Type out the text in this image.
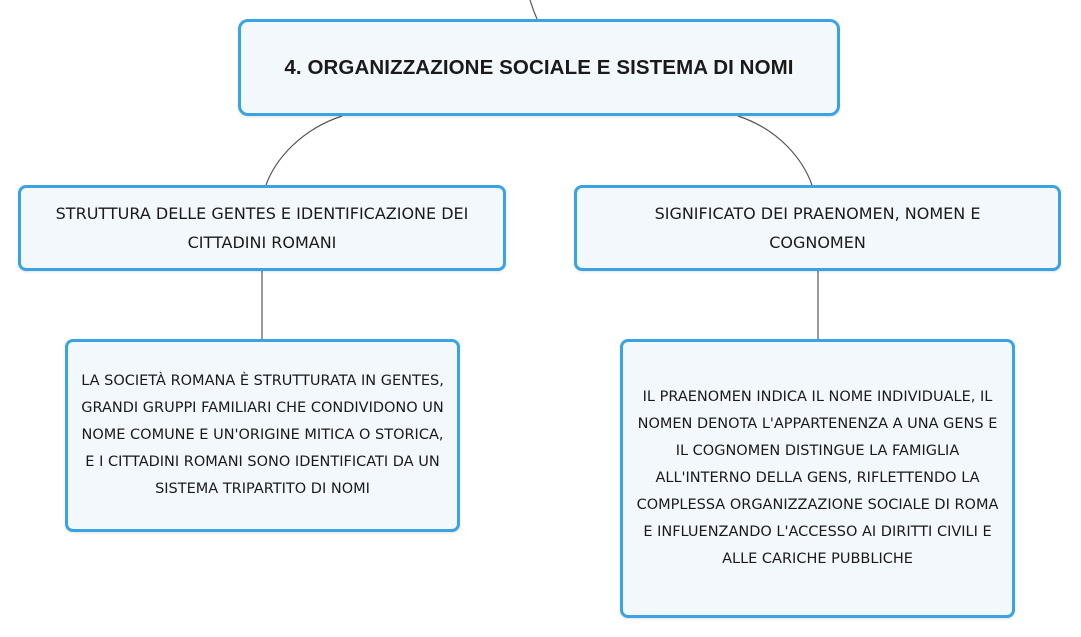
4. ORGANIZZAZIONE SOCIALE E SISTEMA DI NOMI
STRUTTURA DELLE GENTES E IDENTIFICAZIONE DEI CITTADINI ROMANI
SIGNIFICATO DEI PRAENOMEN, NOMEN E COGNOMEN
LA SOCIETÀ ROMANA È STRUTTURATA IN GENTES, GRANDI GRUPPI FAMILIARI CHE CONDIVIDONO UN NOME COMUNE E UN'ORIGINE MITICA O STORICA, E I CITTADINI ROMANI SONO IDENTIFICATI DA UN SISTEMA TRIPARTITO DI NOMI
IL PRAENOMEN INDICA IL NOME INDIVIDUALE, IL NOMEN DENOTA L'APPARTENENZA A UNA GENS E IL COGNOMEN DISTINGUE LA FAMIGLIA ALL'INTERNO DELLA GENS, RIFLETTENDO LA COMPLESSA ORGANIZZAZIONE SOCIALE DI ROMA E INFLUENZANDO L'ACCESSO AI DIRITTI CIVILI E ALLE CARICHE PUBBLICHE
